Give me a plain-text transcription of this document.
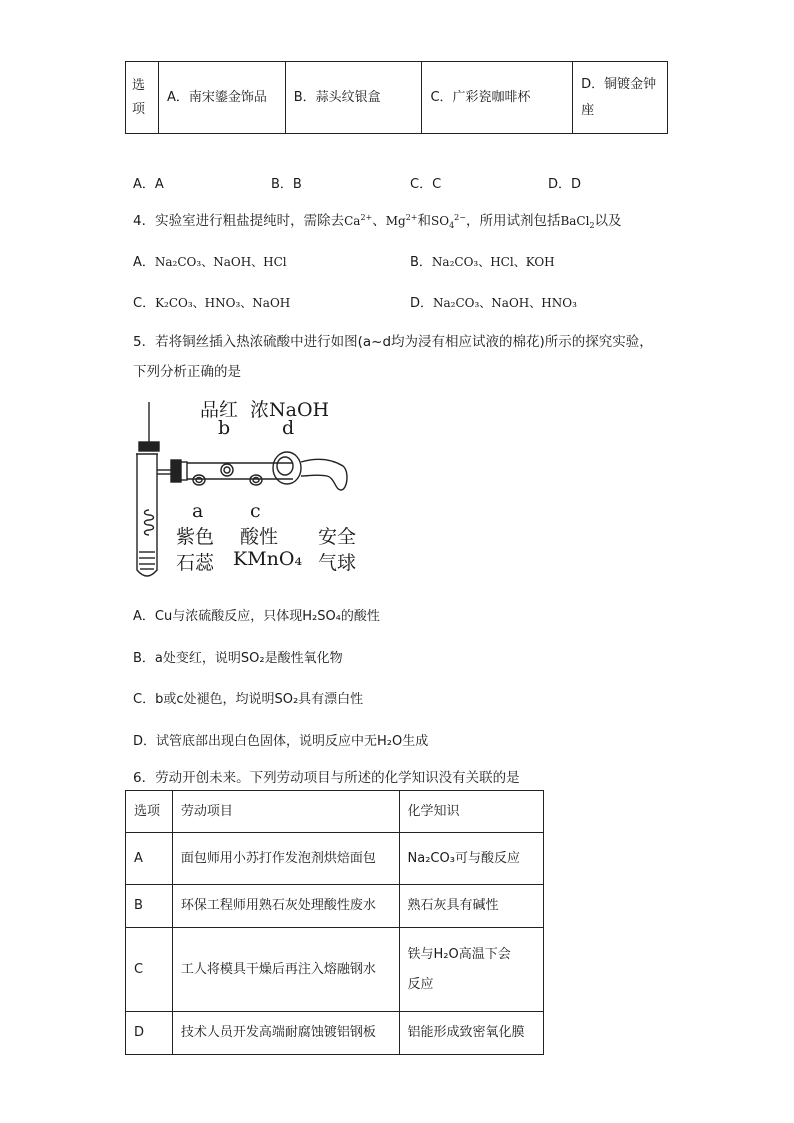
选
项	A．南宋鎏金饰品	B．蒜头纹银盒	C．广彩瓷咖啡杯	D．铜镀金钟
座
A．A	B．B	C．C	D．D
4．实验室进行粗盐提纯时，需除去$Ca^{2+}$、$Mg^{2+}$和$SO_4^{2-}$，所用试剂包括BaCl$_2$以及
A．Na₂CO₃、NaOH、HCl	B．Na₂CO₃、HCl、KOH
C．K₂CO₃、HNO₃、NaOH	D．Na₂CO₃、NaOH、HNO₃
5．若将铜丝插入热浓硫酸中进行如图(a~d均为浸有相应试液的棉花)所示的探究实验，
下列分析正确的是
品红 浓NaOH
b	d
a c
紫色
石蕊
酸性
KMnO₄
安全
气球
A．Cu与浓硫酸反应，只体现H₂SO₄的酸性
B．a处变红，说明SO₂是酸性氧化物
C．b或c处褪色，均说明SO₂具有漂白性
D．试管底部出现白色固体，说明反应中无H₂O生成
6．劳动开创未来。下列劳动项目与所述的化学知识没有关联的是
选项	劳动项目	化学知识
A	面包师用小苏打作发泡剂烘焙面包	Na₂CO₃可与酸反应
B	环保工程师用熟石灰处理酸性废水	熟石灰具有碱性
C	工人将模具干燥后再注入熔融钢水	铁与H₂O高温下会
反应
D	技术人员开发高端耐腐蚀镀铝钢板	铝能形成致密氧化膜
